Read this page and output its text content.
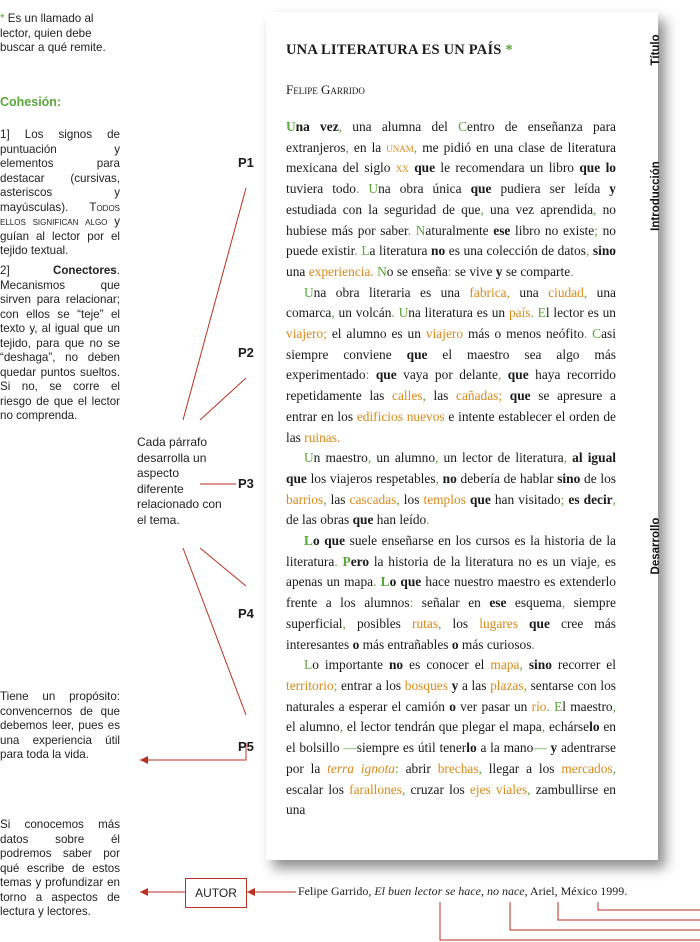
* Es un llamado al lector, quien debe buscar a qué remite.
Cohesión:
1] Los signos de puntuación y elementos para destacar (cursivas, asteriscos y mayúsculas). Todos ellos significan algo y guían al lector por el tejido textual.
2]	Conectores. Mecanismos que sirven para relacionar; con ellos se “teje” el texto y, al igual que un tejido, para que no se “deshaga”, no deben quedar puntos sueltos. Si no, se corre el riesgo de que el lector no comprenda.
Tiene un propósito: convencernos de que debemos leer, pues es una experiencia útil para toda la vida.
Si conocemos más datos sobre él podremos saber por qué escribe de estos temas y profundizar en torno a aspectos de lectura y lectores.
P1
P2
P3
P4
P5
Cada párrafo desarrolla un aspecto diferente relacionado con el tema.
UNA LITERATURA ES UN PAÍS *
Felipe Garrido

Una vez, una alumna del Centro de enseñanza para extranjeros, en la unam, me pidió en una clase de literatura mexicana del siglo xx que le recomendara un libro que lo tuviera todo. Una obra única que pudiera ser leída y estudiada con la seguridad de que, una vez aprendida, no hubiese más por saber. Naturalmente ese libro no existe; no puede existir. La literatura no es una colección de datos, sino una experiencia. No se enseña: se vive y se comparte.

Una obra literaria es una fabrica, una ciudad, una comarca, un volcán. Una literatura es un país. El lector es un viajero; el alumno es un viajero más o menos neófito. Casi siempre conviene que el maestro sea algo más experimentado: que vaya por delante, que haya recorrido repetidamente las calles, las cañadas; que se apresure a entrar en los edificios nuevos e intente establecer el orden de las ruinas.

Un maestro, un alumno, un lector de literatura, al igual que los viajeros respetables, no debería de hablar sino de los barrios, las cascadas, los templos que han visitado; es decir, de las obras que han leído.

Lo que suele enseñarse en los cursos es la historia de la literatura. Pero la historia de la literatura no es un viaje, es apenas un mapa. Lo que hace nuestro maestro es extenderlo frente a los alumnos: señalar en ese esquema, siempre superficial, posibles rutas, los lugares que cree más interesantes o más entrañables o más curiosos.

Lo importante no es conocer el mapa, sino recorrer el territorio; entrar a los bosques y a las plazas, sentarse con los naturales a esperar el camión o ver pasar un río. El maestro, el alumno, el lector tendrán que plegar el mapa, echárselo en el bolsillo —siempre es útil tenerlo a la mano— y adentrarse por la terra ignota: abrir brechas, llegar a los mercados, escalar los farallones, cruzar los ejes viales, zambullirse en una

Título
Introducción
Desarrollo
AUTOR	Felipe Garrido, El buen lector se hace, no nace, Ariel, México 1999.
